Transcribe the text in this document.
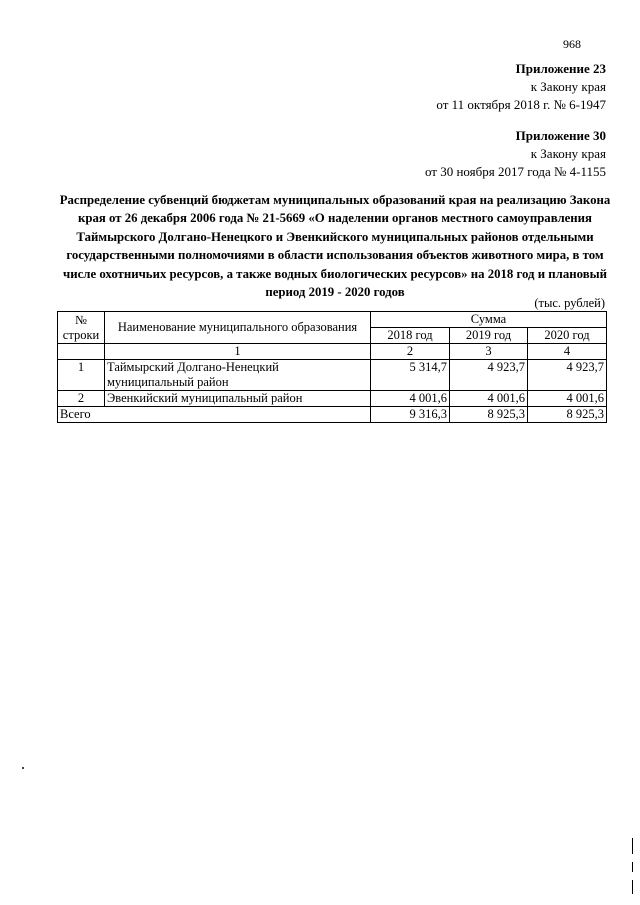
968
Приложение 23
к Закону края
от 11 октября 2018 г. № 6-1947
Приложение 30
к Закону края
от 30 ноября 2017 года № 4-1155
Распределение субвенций бюджетам муниципальных образований края на реализацию Закона края от 26 декабря 2006 года № 21-5669 «О наделении органов местного самоуправления Таймырского Долгано-Ненецкого и Эвенкийского муниципальных районов отдельными государственными полномочиями в области использования объектов животного мира, в том числе охотничьих ресурсов, а также водных биологических ресурсов» на 2018 год и плановый период 2019 - 2020 годов
(тыс. рублей)
№ строки	Наименование муниципального образования	Сумма		
		2018 год	2019 год	2020 год
	1	2	3	4
1	Таймырский Долгано-Ненецкий муниципальный район	5 314,7	4 923,7	4 923,7
2	Эвенкийский муниципальный район	4 001,6	4 001,6	4 001,6
Всего		9 316,3	8 925,3	8 925,3
